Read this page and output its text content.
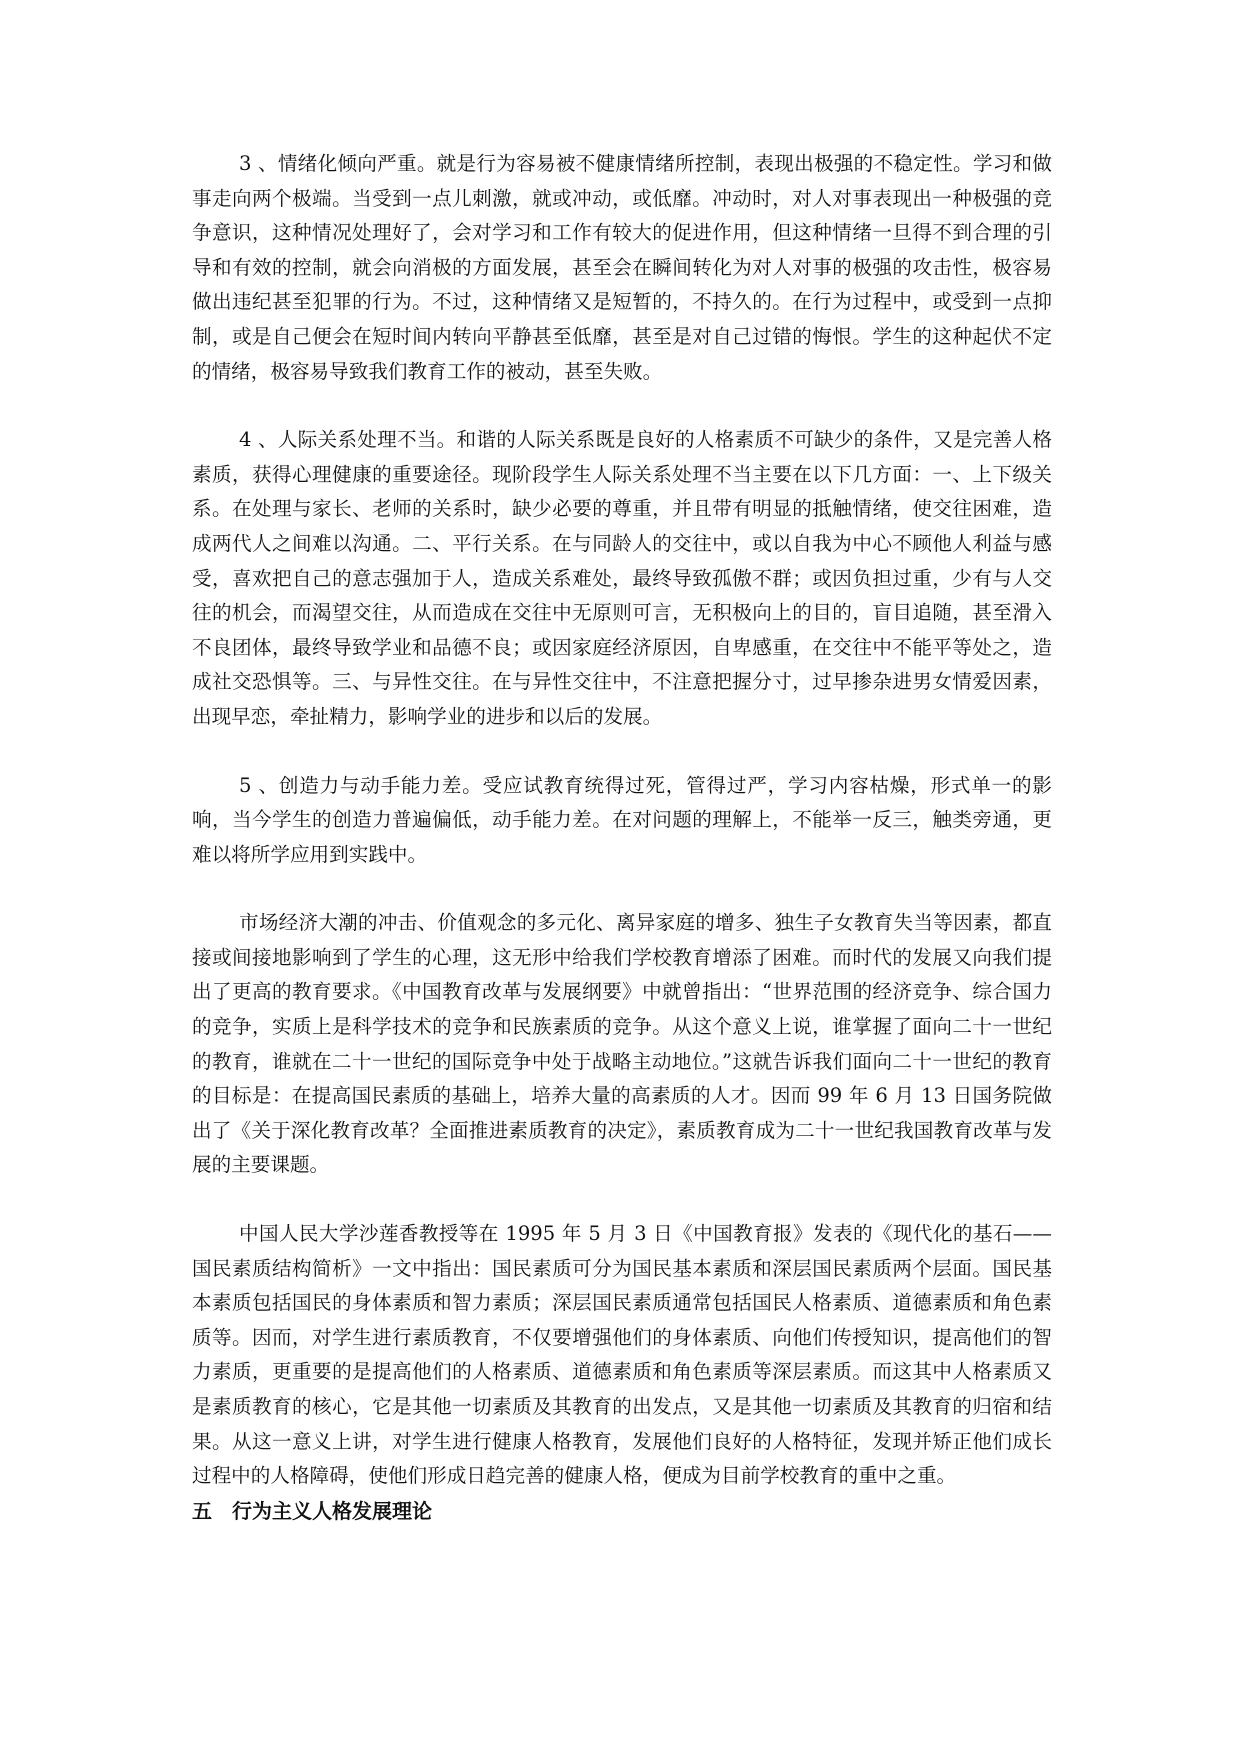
3 、情绪化倾向严重。就是行为容易被不健康情绪所控制，表现出极强的不稳定性。学习和做事走向两个极端。当受到一点儿刺激，就或冲动，或低靡。冲动时，对人对事表现出一种极强的竞争意识，这种情况处理好了，会对学习和工作有较大的促进作用，但这种情绪一旦得不到合理的引导和有效的控制，就会向消极的方面发展，甚至会在瞬间转化为对人对事的极强的攻击性，极容易做出违纪甚至犯罪的行为。不过，这种情绪又是短暂的，不持久的。在行为过程中，或受到一点抑制，或是自己便会在短时间内转向平静甚至低靡，甚至是对自己过错的悔恨。学生的这种起伏不定的情绪，极容易导致我们教育工作的被动，甚至失败。

4 、人际关系处理不当。和谐的人际关系既是良好的人格素质不可缺少的条件，又是完善人格素质，获得心理健康的重要途径。现阶段学生人际关系处理不当主要在以下几方面：一、上下级关系。在处理与家长、老师的关系时，缺少必要的尊重，并且带有明显的抵触情绪，使交往困难，造成两代人之间难以沟通。二、平行关系。在与同龄人的交往中，或以自我为中心不顾他人利益与感受，喜欢把自己的意志强加于人，造成关系难处，最终导致孤傲不群；或因负担过重，少有与人交往的机会，而渴望交往，从而造成在交往中无原则可言，无积极向上的目的，盲目追随，甚至滑入不良团体，最终导致学业和品德不良；或因家庭经济原因，自卑感重，在交往中不能平等处之，造成社交恐惧等。三、与异性交往。在与异性交往中，不注意把握分寸，过早掺杂进男女情爱因素，出现早恋，牵扯精力，影响学业的进步和以后的发展。

5 、创造力与动手能力差。受应试教育统得过死，管得过严，学习内容枯燥，形式单一的影响，当今学生的创造力普遍偏低，动手能力差。在对问题的理解上，不能举一反三，触类旁通，更难以将所学应用到实践中。

市场经济大潮的冲击、价值观念的多元化、离异家庭的增多、独生子女教育失当等因素，都直接或间接地影响到了学生的心理，这无形中给我们学校教育增添了困难。而时代的发展又向我们提出了更高的教育要求。《中国教育改革与发展纲要》中就曾指出：“世界范围的经济竞争、综合国力的竞争，实质上是科学技术的竞争和民族素质的竞争。从这个意义上说，谁掌握了面向二十一世纪的教育，谁就在二十一世纪的国际竞争中处于战略主动地位。”这就告诉我们面向二十一世纪的教育的目标是：在提高国民素质的基础上，培养大量的高素质的人才。因而 99 年 6 月 13 日国务院做出了《关于深化教育改革？全面推进素质教育的决定》，素质教育成为二十一世纪我国教育改革与发展的主要课题。

中国人民大学沙莲香教授等在 1995 年 5 月 3 日《中国教育报》发表的《现代化的基石——国民素质结构简析》一文中指出：国民素质可分为国民基本素质和深层国民素质两个层面。国民基本素质包括国民的身体素质和智力素质；深层国民素质通常包括国民人格素质、道德素质和角色素质等。因而，对学生进行素质教育，不仅要增强他们的身体素质、向他们传授知识，提高他们的智力素质，更重要的是提高他们的人格素质、道德素质和角色素质等深层素质。而这其中人格素质又是素质教育的核心，它是其他一切素质及其教育的出发点，又是其他一切素质及其教育的归宿和结果。从这一意义上讲，对学生进行健康人格教育，发展他们良好的人格特征，发现并矫正他们成长过程中的人格障碍，使他们形成日趋完善的健康人格，便成为目前学校教育的重中之重。

五　行为主义人格发展理论
